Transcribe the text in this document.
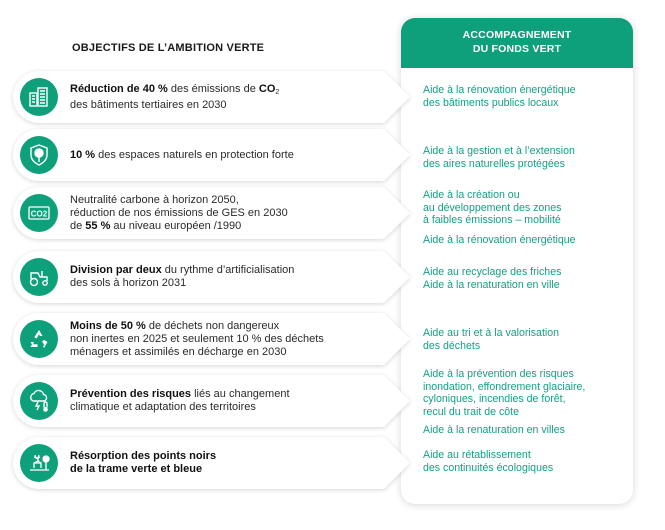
ACCOMPAGNEMENT
DU FONDS VERT
OBJECTIFS DE L’AMBITION VERTE
Réduction de 40 % des émissions de $CO_2$
des bâtiments tertiaires en 2030
10 % des espaces naturels en protection forte
CO2
Neutralité carbone à horizon 2050,
réduction de nos émissions de GES en 2030
de 55 % au niveau européen /1990
Division par deux du rythme d’artificialisation
des sols à horizon 2031
Moins de 50 % de déchets non dangereux
non inertes en 2025 et seulement 10 % des déchets
ménagers et assimilés en décharge en 2030
Prévention des risques liés au changement
climatique et adaptation des territoires
Résorption des points noirs
de la trame verte et bleue
Aide à la rénovation énergétique
des bâtiments publics locaux
Aide à la gestion et à l’extension
des aires naturelles protégées
Aide à la création ou
au développement des zones
à faibles émissions – mobilité
Aide à la rénovation énergétique
Aide au recyclage des friches
Aide à la renaturation en ville
Aide au tri et à la valorisation
des déchets
Aide à la prévention des risques
inondation, effondrement glaciaire,
cyloniques, incendies de forêt,
recul du trait de côte
Aide à la renaturation en villes
Aide au rétablissement
des continuités écologiques
